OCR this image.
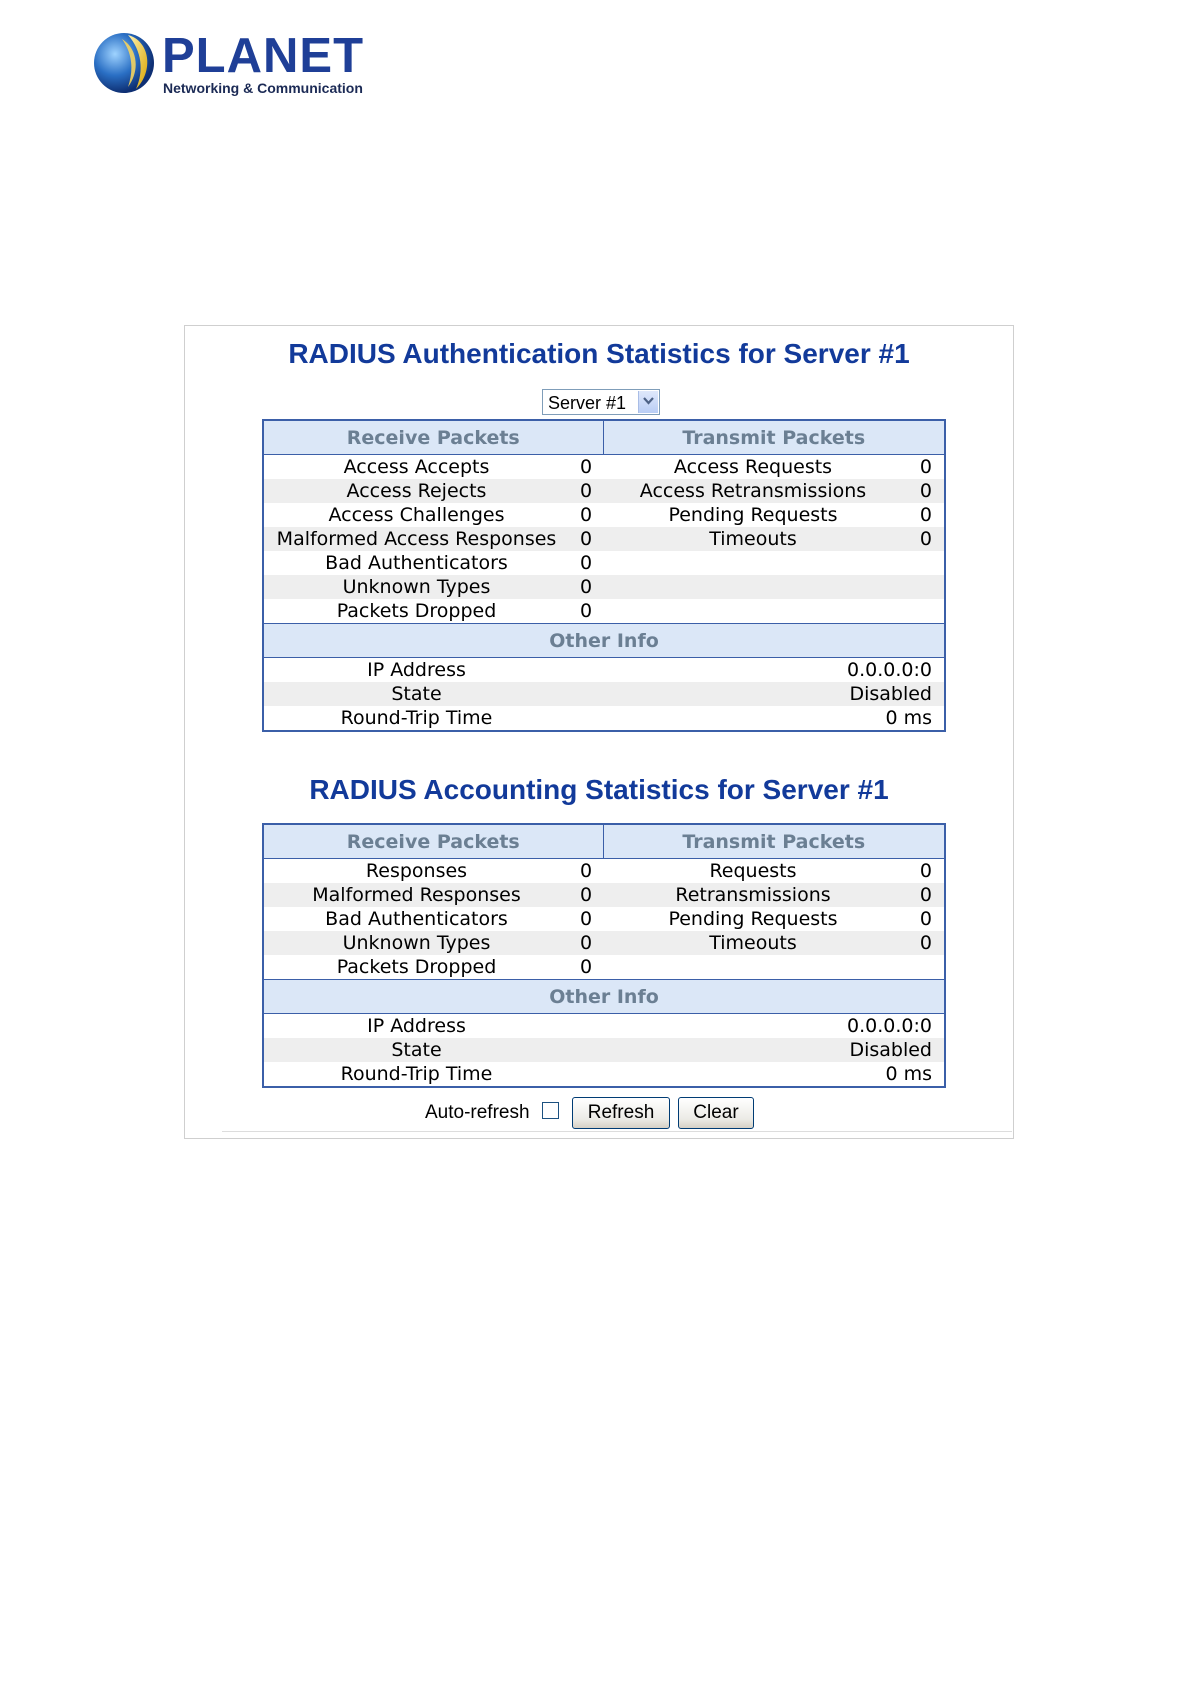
PLANET
Networking & Communication
RADIUS Authentication Statistics for Server #1
Server #1
Receive Packets		Transmit Packets	
Access Accepts	0	Access Requests	0
Access Rejects	0	Access Retransmissions	0
Access Challenges	0	Pending Requests	0
Malformed Access Responses	0	Timeouts	0
Bad Authenticators	0		
Unknown Types	0		
Packets Dropped	0		
Other Info			
IP Address	0.0.0.0:0		
State	Disabled		
Round-Trip Time	0 ms		
RADIUS Accounting Statistics for Server #1
Receive Packets		Transmit Packets	
Responses	0	Requests	0
Malformed Responses	0	Retransmissions	0
Bad Authenticators	0	Pending Requests	0
Unknown Types	0	Timeouts	0
Packets Dropped	0		
Other Info			
IP Address	0.0.0.0:0		
State	Disabled		
Round-Trip Time	0 ms		
Auto-refresh	Refresh	Clear
